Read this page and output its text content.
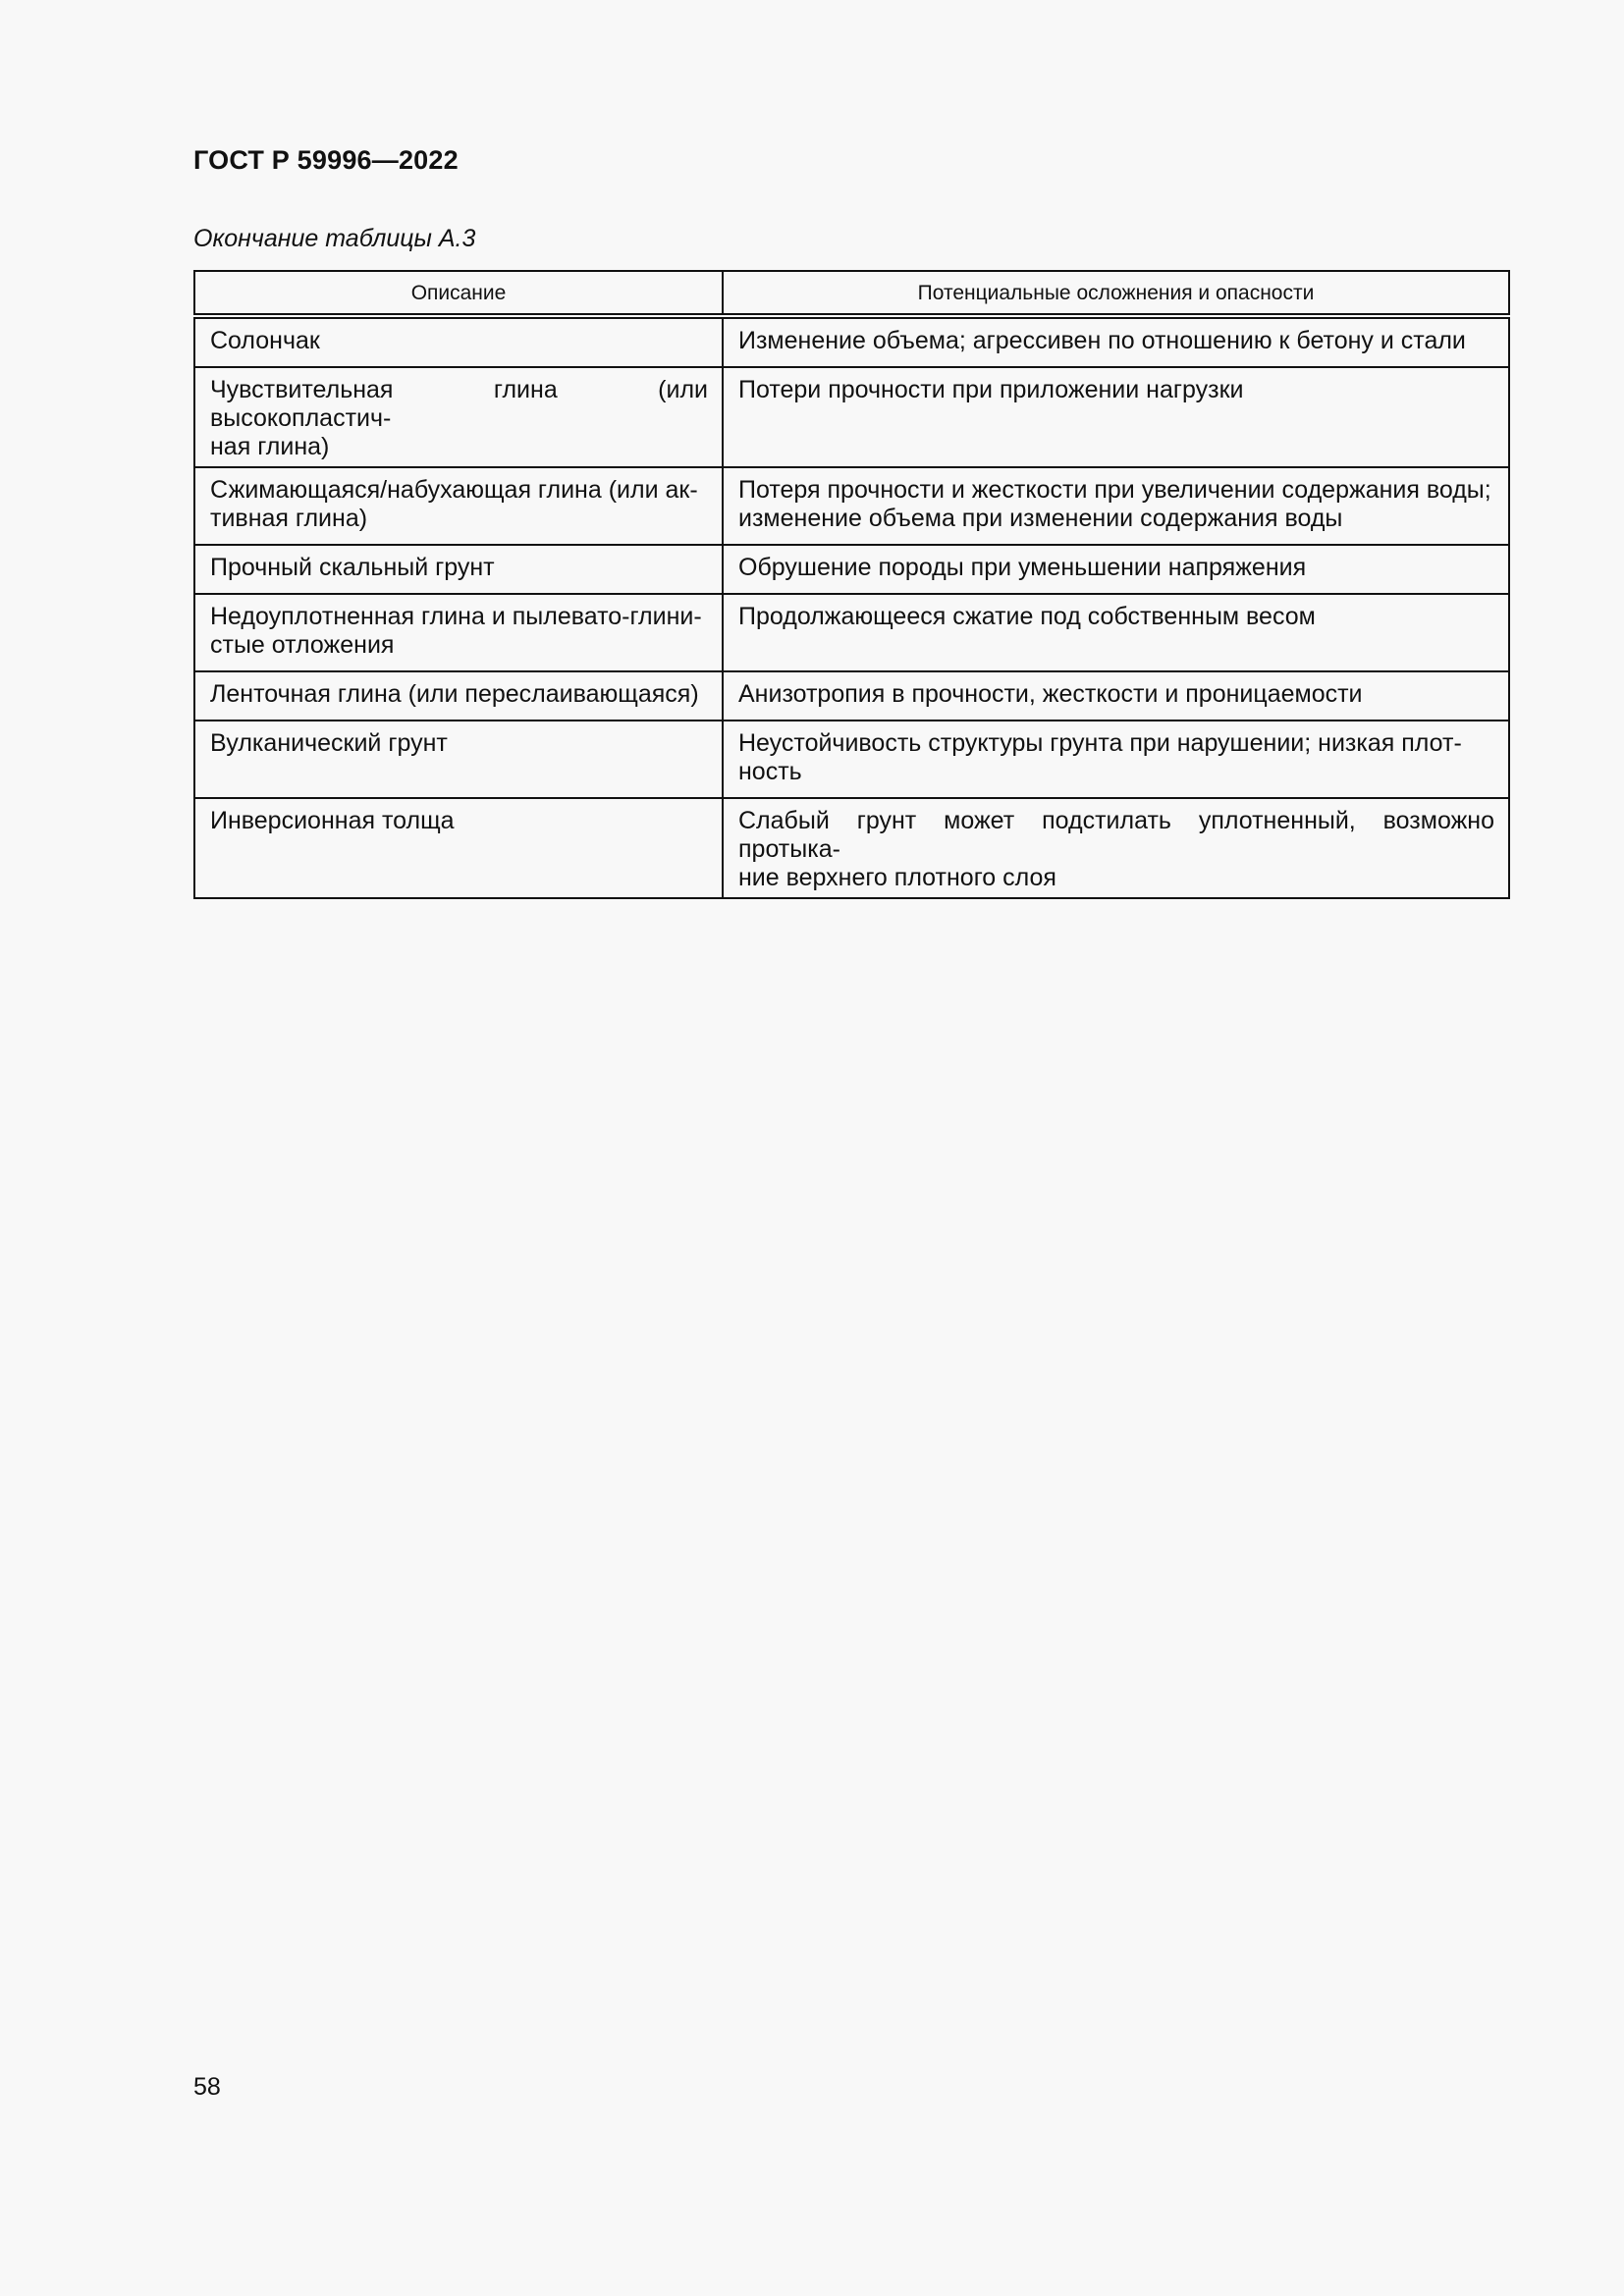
ГОСТ Р 59996—2022
Окончание таблицы А.3
Описание	Потенциальные осложнения и опасности
Солончак	Изменение объема; агрессивен по отношению к бетону и стали

Чувствительная глина (или высокопластич-
ная глина)	Потери прочности при приложении нагрузки

Сжимающаяся/набухающая глина (или ак-
тивная глина)	Потеря прочности и жесткости при увеличении содержания воды;
изменение объема при изменении содержания воды

Прочный скальный грунт	Обрушение породы при уменьшении напряжения

Недоуплотненная глина и пылевато-глини-
стые отложения	Продолжающееся сжатие под собственным весом
Ленточная глина (или переслаивающаяся)	Анизотропия в прочности, жесткости и проницаемости
Вулканический грунт	Неустойчивость структуры грунта при нарушении; низкая плот-
ность

Инверсионная толща	Слабый грунт может подстилать уплотненный, возможно протыка-
ние верхнего плотного слоя
58
